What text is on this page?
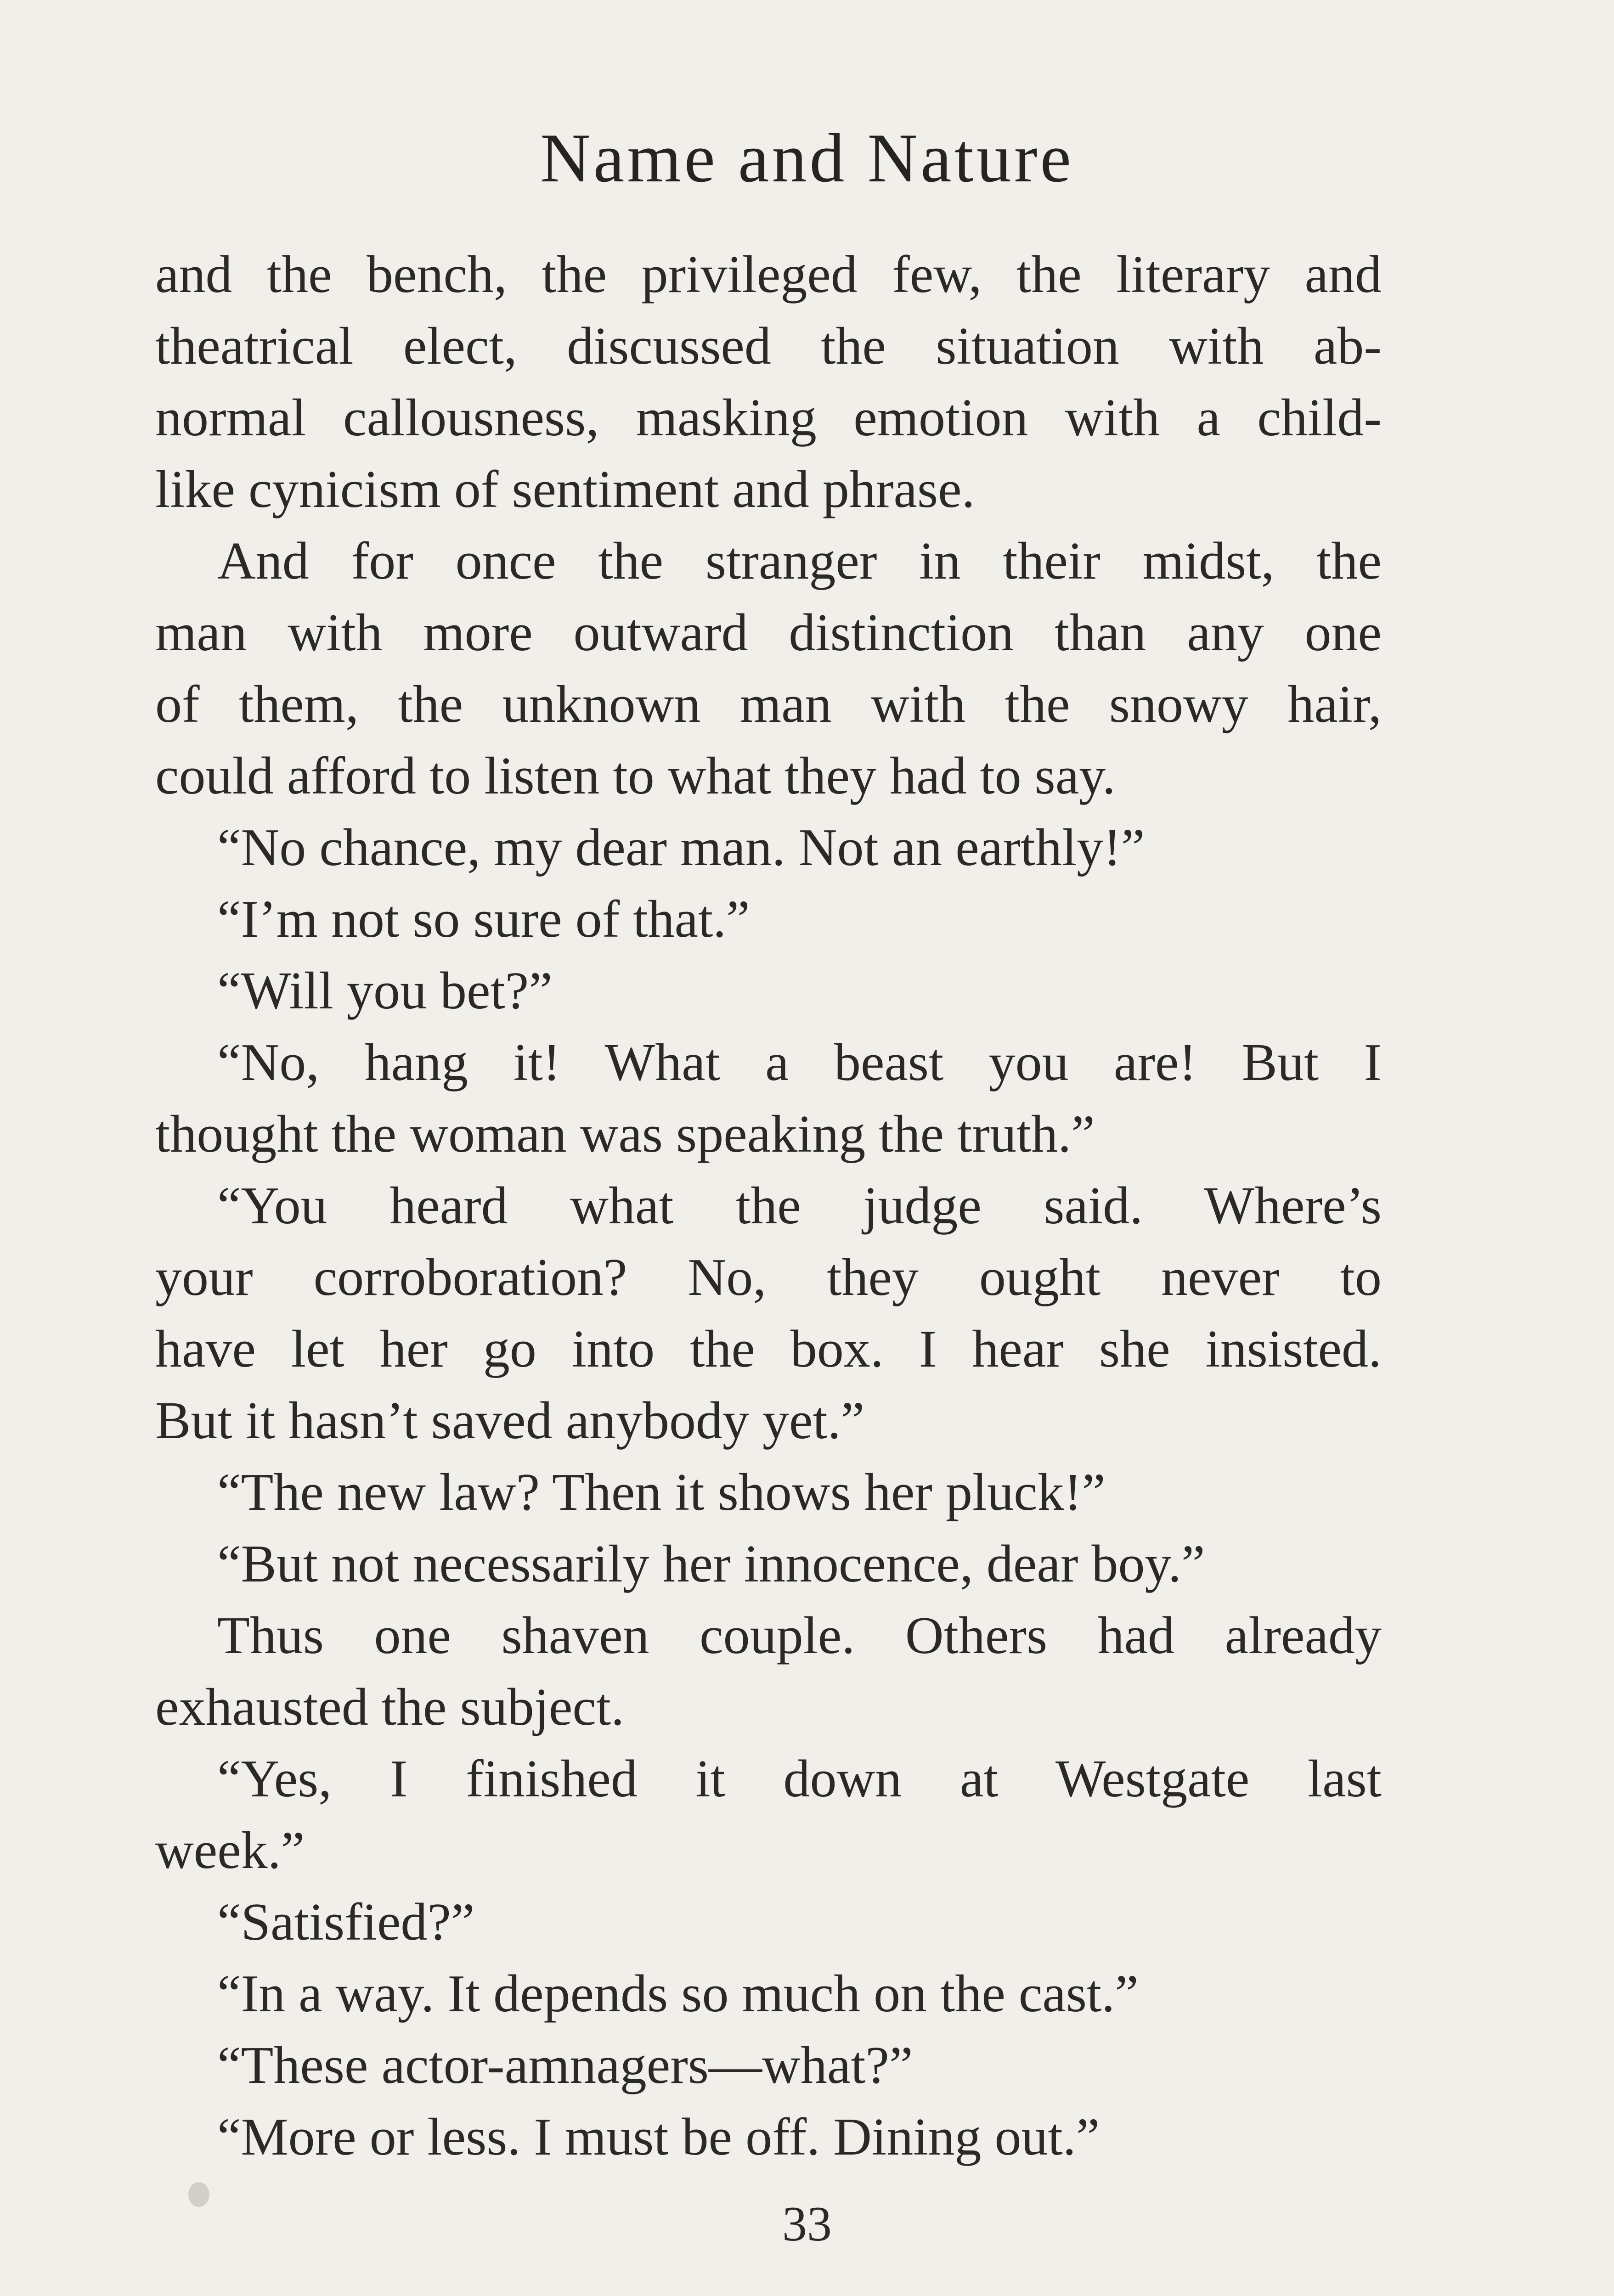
Name and Nature
and the bench, the privileged few, the literary and
theatrical elect, discussed the situation with ab-
normal callousness, masking emotion with a child-
like cynicism of sentiment and phrase.
And for once the stranger in their midst, the
man with more outward distinction than any one
of them, the unknown man with the snowy hair,
could afford to listen to what they had to say.
“No chance, my dear man. Not an earthly!”
“I’m not so sure of that.”
“Will you bet?”
“No, hang it! What a beast you are! But I
thought the woman was speaking the truth.”
“You heard what the judge said. Where’s
your corroboration? No, they ought never to
have let her go into the box. I hear she insisted.
But it hasn’t saved anybody yet.”
“The new law? Then it shows her pluck!”
“But not necessarily her innocence, dear boy.”
Thus one shaven couple. Others had already
exhausted the subject.
“Yes, I finished it down at Westgate last
week.”
“Satisfied?”
“In a way. It depends so much on the cast.”
“These actor-amnagers—what?”
“More or less. I must be off. Dining out.”
33
